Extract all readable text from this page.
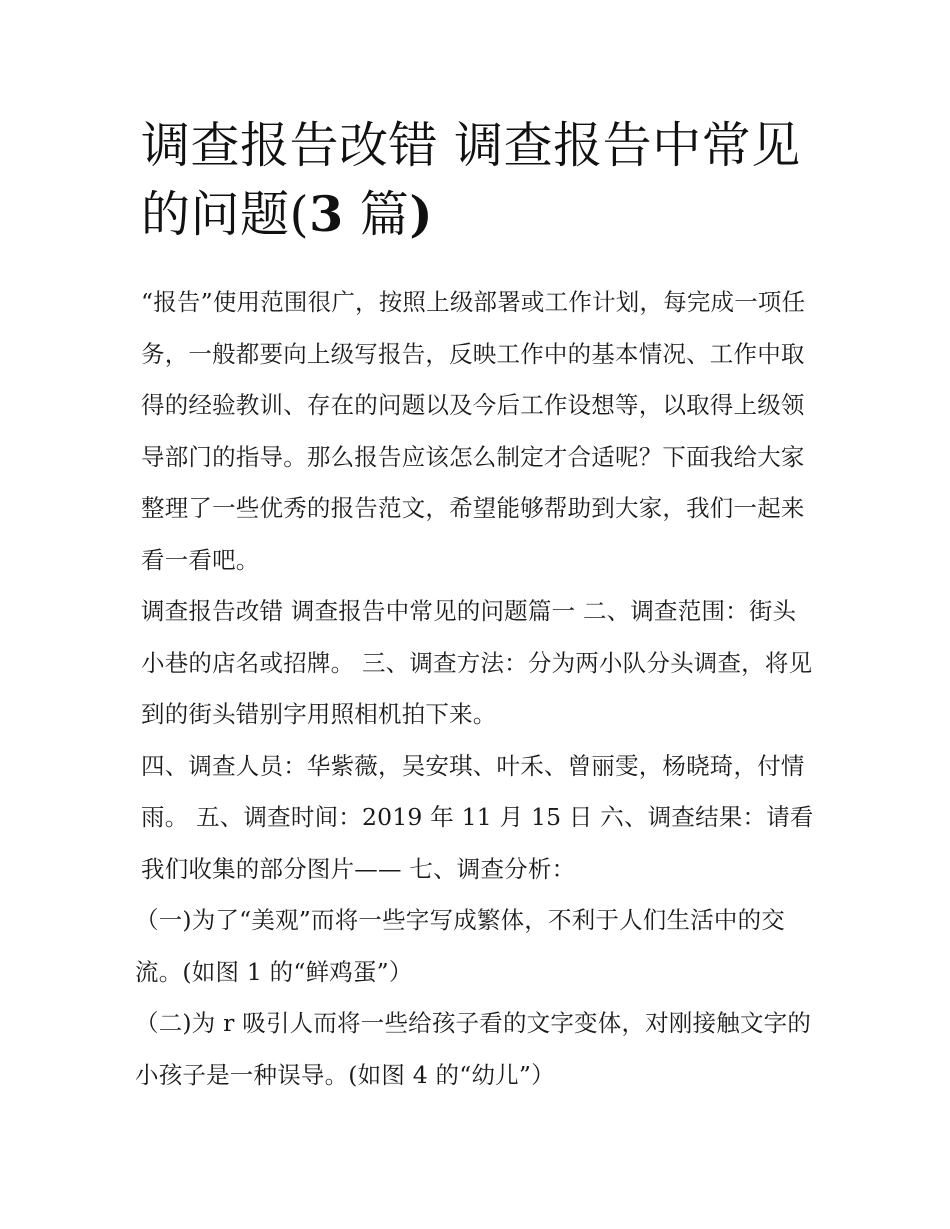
调查报告改错 调查报告中常见的问题(3 篇)

“报告”使用范围很广，按照上级部署或工作计划，每完成一项任务，一般都要向上级写报告，反映工作中的基本情况、工作中取得的经验教训、存在的问题以及今后工作设想等，以取得上级领导部门的指导。那么报告应该怎么制定才合适呢？下面我给大家整理了一些优秀的报告范文，希望能够帮助到大家，我们一起来看一看吧。

调查报告改错 调查报告中常见的问题篇一 二、调查范围：街头小巷的店名或招牌。 三、调查方法：分为两小队分头调查，将见到的街头错别字用照相机拍下来。

四、调查人员：华紫薇，吴安琪、叶禾、曾丽雯，杨晓琦，付情雨。 五、调查时间：2019 年 11 月 15 日 六、调查结果：请看我们收集的部分图片—— 七、调查分析：

（一)为了“美观”而将一些字写成繁体，不利于人们生活中的交流。(如图 1 的“鲜鸡蛋”）

（二)为 r 吸引人而将一些给孩子看的文字变体，对刚接触文字的小孩子是一种误导。(如图 4 的“幼儿”）
